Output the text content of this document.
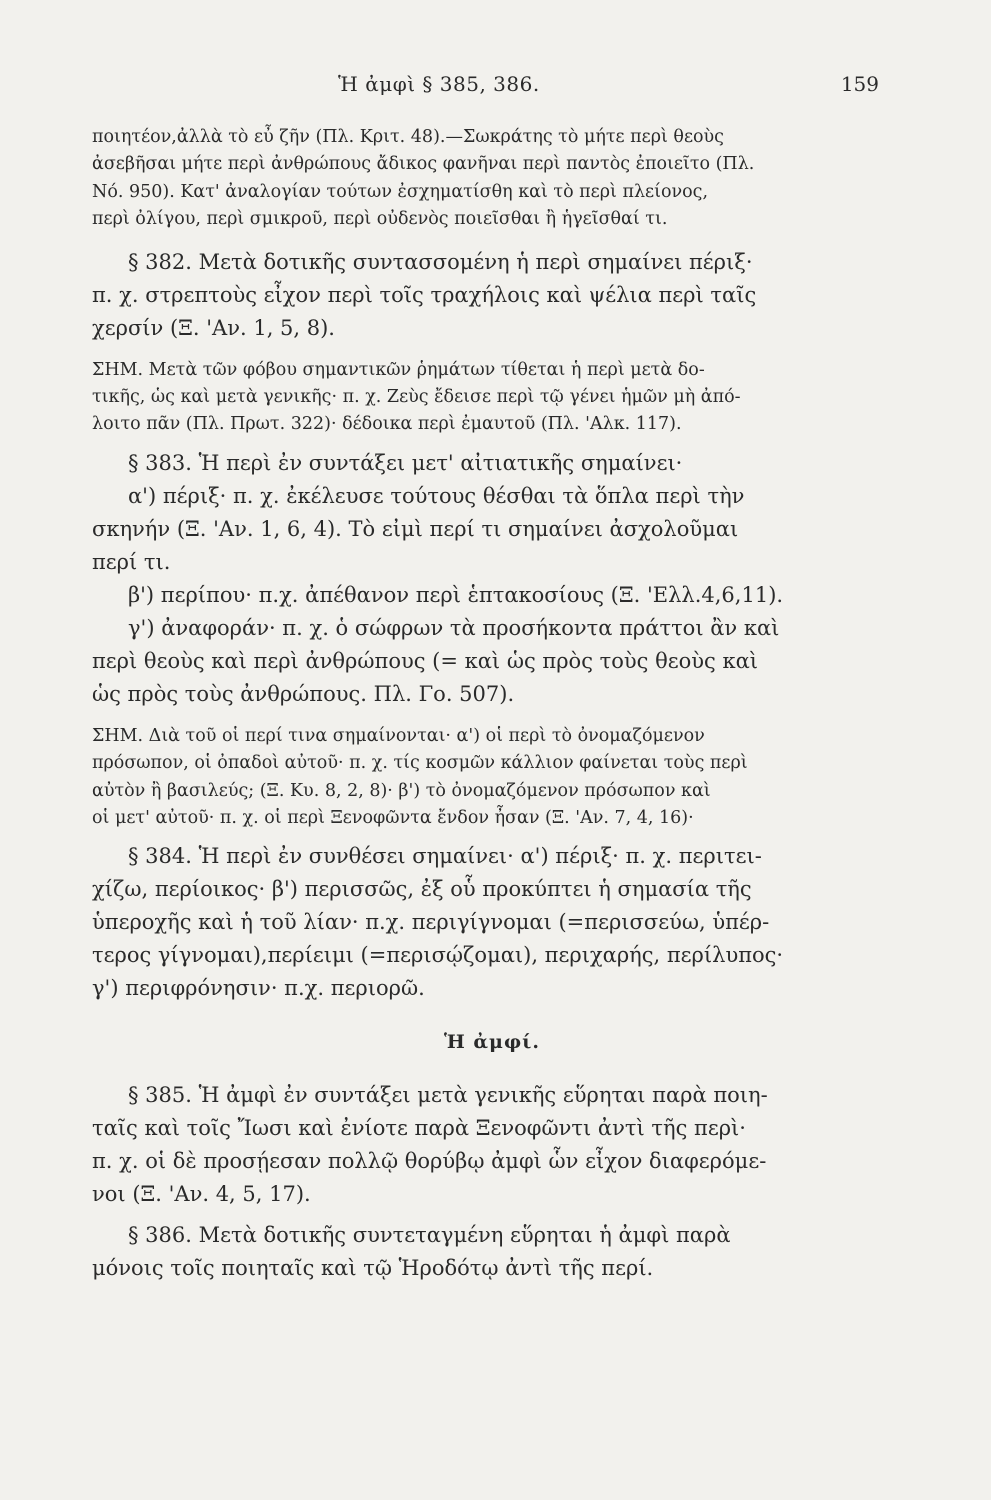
Ἡ ἀμφὶ § 385, 386.	159
ποιητέον,ἀλλὰ τὸ εὖ ζῆν (Πλ. Κριτ. 48).—Σωκράτης τὸ μήτε περὶ θεοὺς
ἀσεβῆσαι μήτε περὶ ἀνθρώπους ἄδικος φανῆναι περὶ παντὸς ἐποιεῖτο (Πλ.
Νό. 950). Κατ' ἀναλογίαν τούτων ἐσχηματίσθη καὶ τὸ περὶ πλείονος,
περὶ ὀλίγου, περὶ σμικροῦ, περὶ οὐδενὸς ποιεῖσθαι ἢ ἡγεῖσθαί τι.
§ 382. Μετὰ δοτικῆς συντασσομένη ἡ περὶ σημαίνει πέριξ·
π. χ. στρεπτοὺς εἶχον περὶ τοῖς τραχήλοις καὶ ψέλια περὶ ταῖς
χερσίν (Ξ. 'Αν. 1, 5, 8).
ΣΗΜ. Μετὰ τῶν φόβου σημαντικῶν ῥημάτων τίθεται ἡ περὶ μετὰ δο-
τικῆς, ὡς καὶ μετὰ γενικῆς· π. χ. Ζεὺς ἔδεισε περὶ τῷ γένει ἡμῶν μὴ ἀπό-
λοιτο πᾶν (Πλ. Πρωτ. 322)· δέδοικα περὶ ἐμαυτοῦ (Πλ. 'Αλκ. 117).
§ 383. Ἡ περὶ ἐν συντάξει μετ' αἰτιατικῆς σημαίνει·
α') πέριξ· π. χ. ἐκέλευσε τούτους θέσθαι τὰ ὅπλα περὶ τὴν
σκηνήν (Ξ. 'Αν. 1, 6, 4). Τὸ εἰμὶ περί τι σημαίνει ἀσχολοῦμαι
περί τι.
β') περίπου· π.χ. ἀπέθανον περὶ ἑπτακοσίους (Ξ. 'Ελλ.4,6,11).
γ') ἀναφοράν· π. χ. ὁ σώφρων τὰ προσήκοντα πράττοι ἂν καὶ
περὶ θεοὺς καὶ περὶ ἀνθρώπους (= καὶ ὡς πρὸς τοὺς θεοὺς καὶ
ὡς πρὸς τοὺς ἀνθρώπους. Πλ. Γο. 507).
ΣΗΜ. Διὰ τοῦ οἱ περί τινα σημαίνονται· α') οἱ περὶ τὸ ὀνομαζόμενον
πρόσωπον, οἱ ὀπαδοὶ αὐτοῦ· π. χ. τίς κοσμῶν κάλλιον φαίνεται τοὺς περὶ
αὐτὸν ἢ βασιλεύς; (Ξ. Κυ. 8, 2, 8)· β') τὸ ὀνομαζόμενον πρόσωπον καὶ
οἱ μετ' αὐτοῦ· π. χ. οἱ περὶ Ξενοφῶντα ἔνδον ἦσαν (Ξ. 'Αν. 7, 4, 16)·
§ 384. Ἡ περὶ ἐν συνθέσει σημαίνει· α') πέριξ· π. χ. περιτει-
χίζω, περίοικος· β') περισσῶς, ἐξ οὗ προκύπτει ἡ σημασία τῆς
ὑπεροχῆς καὶ ἡ τοῦ λίαν· π.χ. περιγίγνομαι (=περισσεύω, ὑπέρ-
τερος γίγνομαι),περίειμι (=περισῴζομαι), περιχαρής, περίλυπος·
γ') περιφρόνησιν· π.χ. περιορῶ.
Ἡ ἀμφί.
§ 385. Ἡ ἀμφὶ ἐν συντάξει μετὰ γενικῆς εὕρηται παρὰ ποιη-
ταῖς καὶ τοῖς Ἴωσι καὶ ἐνίοτε παρὰ Ξενοφῶντι ἀντὶ τῆς περὶ·
π. χ. οἱ δὲ προσῄεσαν πολλῷ θορύβῳ ἀμφὶ ὧν εἶχον διαφερόμε-
νοι (Ξ. 'Αν. 4, 5, 17).
§ 386. Μετὰ δοτικῆς συντεταγμένη εὕρηται ἡ ἀμφὶ παρὰ
μόνοις τοῖς ποιηταῖς καὶ τῷ Ἡροδότῳ ἀντὶ τῆς περί.
